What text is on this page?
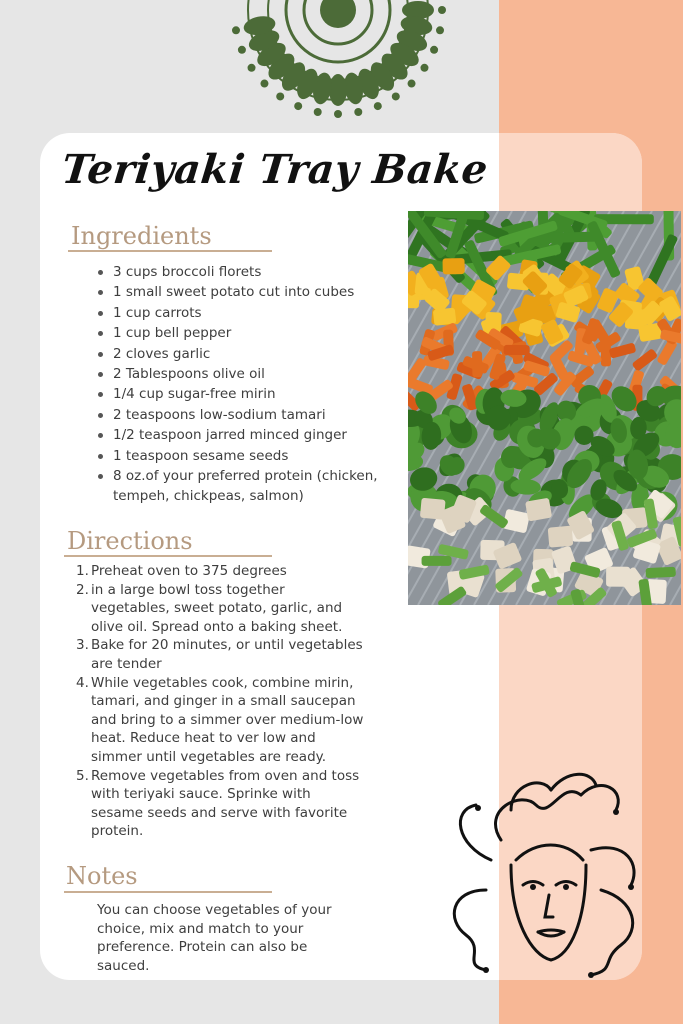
Teriyaki Tray Bake
Ingredients
3 cups broccoli florets
1 small sweet potato cut into cubes
1 cup carrots
1 cup bell pepper
2 cloves garlic
2 Tablespoons olive oil
1/4 cup sugar-free mirin
2 teaspoons low-sodium tamari
1/2 teaspoon jarred minced ginger
1 teaspoon sesame seeds
8 oz.of your preferred protein (chicken, tempeh, chickpeas, salmon)
Directions
1. Preheat oven to 375 degrees
2. in a large bowl toss together vegetables, sweet potato, garlic, and olive oil. Spread onto a baking sheet.
3. Bake for 20 minutes, or until vegetables are tender
4. While vegetables cook, combine mirin, tamari, and ginger in a small saucepan and bring to a simmer over medium-low heat. Reduce heat to ver low and simmer until vegetables are ready.
5. Remove vegetables from oven and toss with teriyaki sauce. Sprinke with sesame seeds and serve with favorite protein.
Notes

You can choose vegetables of your choice, mix and match to your preference. Protein can also be sauced.
